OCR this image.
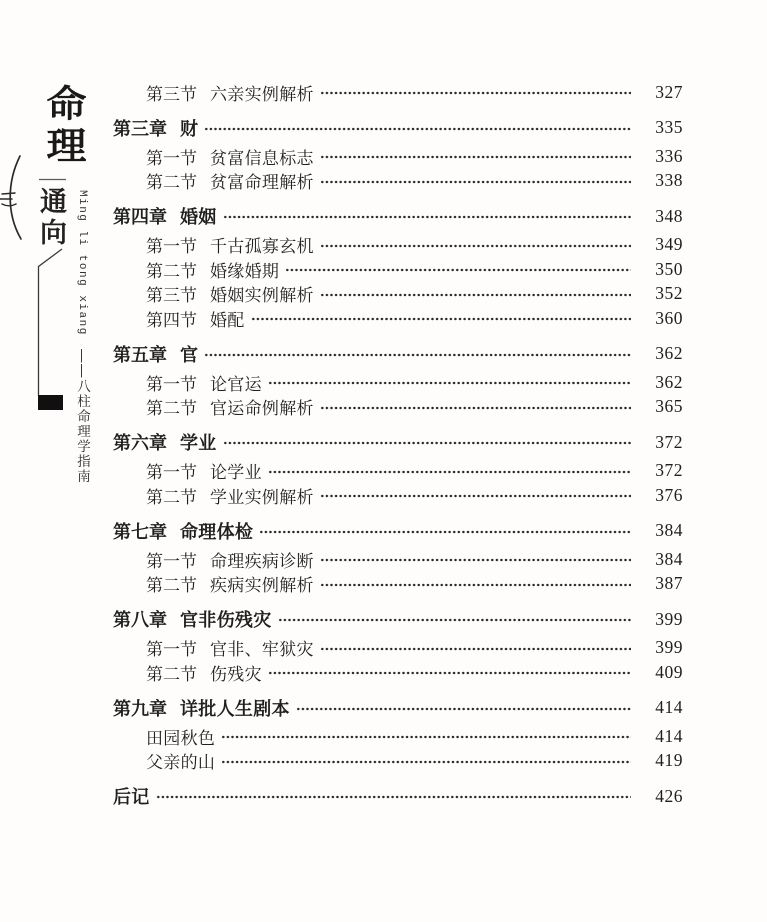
命理
通向 Ming li tong xiang ——八柱命理学指南
第三节 六亲实例解析	327
第三章 财	335
第一节 贫富信息标志	336
第二节 贫富命理解析	338
第四章 婚姻	348
第一节 千古孤寡玄机	349
第二节 婚缘婚期	350
第三节 婚姻实例解析	352
第四节 婚配	360
第五章 官	362
第一节 论官运	362
第二节 官运命例解析	365
第六章 学业	372
第一节 论学业	372
第二节 学业实例解析	376
第七章 命理体检	384
第一节 命理疾病诊断	384
第二节 疾病实例解析	387
第八章 官非伤残灾	399
第一节 官非、牢狱灾	399
第二节 伤残灾	409
第九章 详批人生剧本	414
田园秋色	414
父亲的山	419
后记	426
